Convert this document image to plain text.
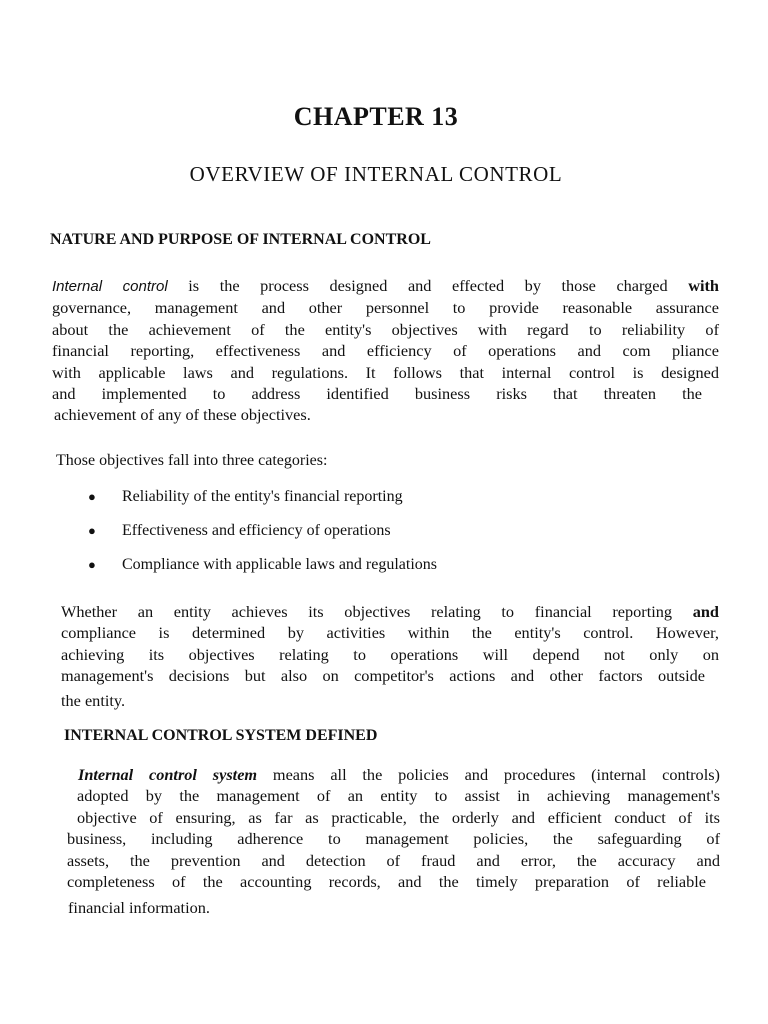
CHAPTER 13
OVERVIEW OF INTERNAL CONTROL
NATURE AND PURPOSE OF INTERNAL CONTROL
Internal control is the process designed and effected by those charged with
governance, management and other personnel to provide reasonable assurance
about the achievement of the entity's objectives with regard to reliability of
financial reporting, effectiveness and efficiency of operations and com pliance
with applicable laws and regulations. It follows that internal control is designed
and implemented to address identified business risks that threaten the
achievement of any of these objectives.
Those objectives fall into three categories:
●	Reliability of the entity's financial reporting
●	Effectiveness and efficiency of operations
●	Compliance with applicable laws and regulations
Whether an entity achieves its objectives relating to financial reporting and
compliance is determined by activities within the entity's control. However,
achieving its objectives relating to operations will depend not only on
management's decisions but also on competitor's actions and other factors outside
the entity.
INTERNAL CONTROL SYSTEM DEFINED
Internal control system means all the policies and procedures (internal controls)
adopted by the management of an entity to assist in achieving management's
objective of ensuring, as far as practicable, the orderly and efficient conduct of its
business, including adherence to management policies, the safeguarding of
assets, the prevention and detection of fraud and error, the accuracy and
completeness of the accounting records, and the timely preparation of reliable
financial information.
